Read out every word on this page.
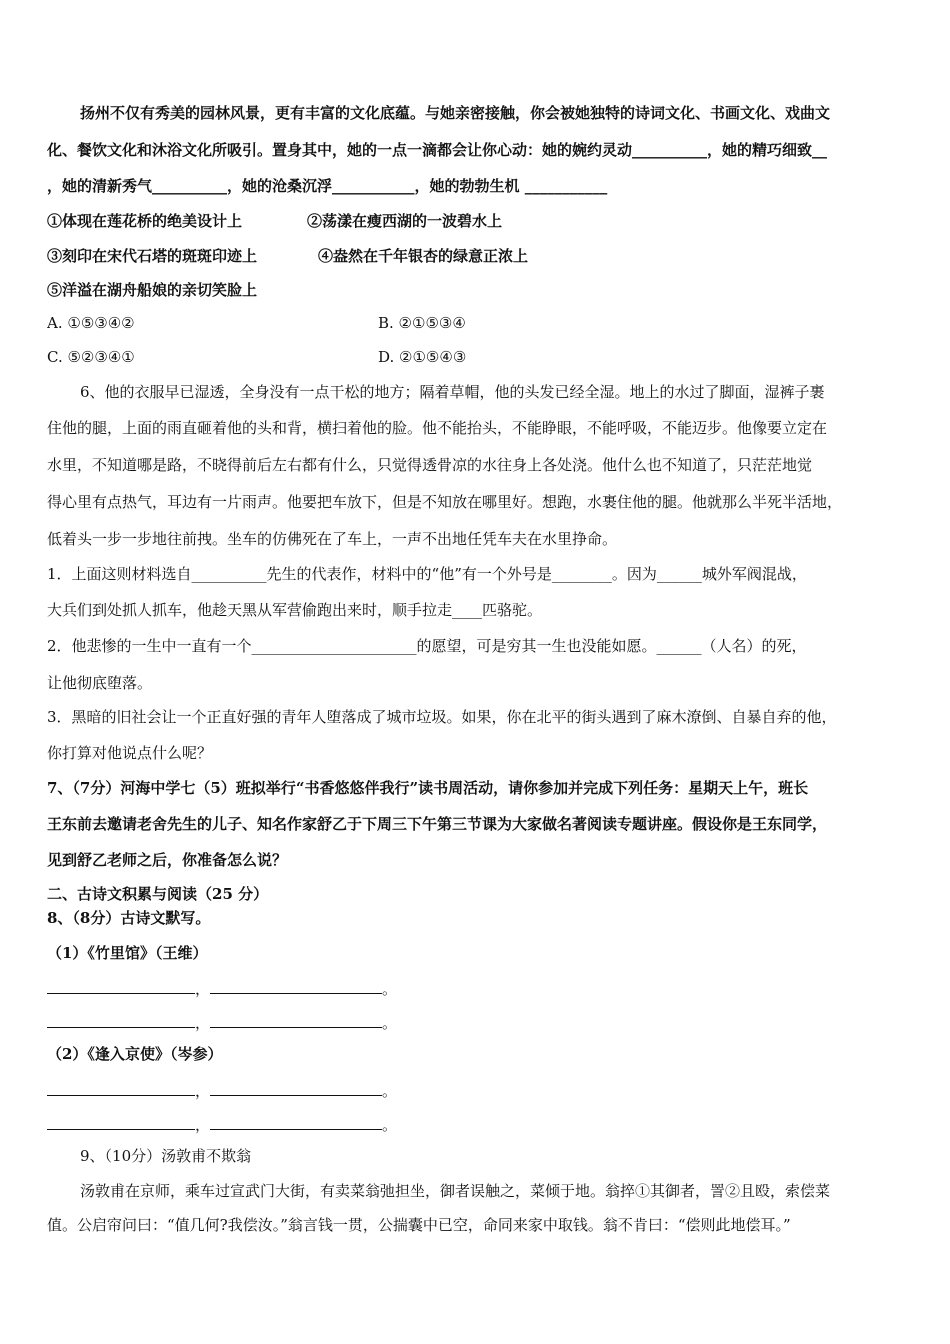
扬州不仅有秀美的园林风景，更有丰富的文化底蕴。与她亲密接触，你会被她独特的诗词文化、书画文化、戏曲文
化、餐饮文化和沐浴文化所吸引。置身其中，她的一点一滴都会让你心动：她的婉约灵动__________，她的精巧细致__
，她的清新秀气__________，她的沧桑沉浮___________，她的勃勃生机 ___________
①体现在莲花桥的绝美设计上	②荡漾在瘦西湖的一波碧水上
③刻印在宋代石塔的斑斑印迹上	④盎然在千年银杏的绿意正浓上
⑤洋溢在湖舟船娘的亲切笑脸上
A. ①⑤③④②	B. ②①⑤③④
C. ⑤②③④①	D. ②①⑤④③
6、他的衣服早已湿透，全身没有一点干松的地方；隔着草帽，他的头发已经全湿。地上的水过了脚面，湿裤子裹
住他的腿，上面的雨直砸着他的头和背，横扫着他的脸。他不能抬头，不能睁眼，不能呼吸，不能迈步。他像要立定在
水里，不知道哪是路，不晓得前后左右都有什么，只觉得透骨凉的水往身上各处浇。他什么也不知道了，只茫茫地觉
得心里有点热气，耳边有一片雨声。他要把车放下，但是不知放在哪里好。想跑，水裹住他的腿。他就那么半死半活地，
低着头一步一步地往前拽。坐车的仿佛死在了车上，一声不出地任凭车夫在水里挣命。
1．上面这则材料选自__________先生的代表作，材料中的“他”有一个外号是________。因为______城外军阀混战，
大兵们到处抓人抓车，他趁天黑从军营偷跑出来时，顺手拉走____匹骆驼。
2．他悲惨的一生中一直有一个______________________的愿望，可是穷其一生也没能如愿。______（人名）的死，
让他彻底堕落。
3．黑暗的旧社会让一个正直好强的青年人堕落成了城市垃圾。如果，你在北平的街头遇到了麻木潦倒、自暴自弃的他，
你打算对他说点什么呢？
7、（7分）河海中学七（5）班拟举行“书香悠悠伴我行”读书周活动，请你参加并完成下列任务：星期天上午，班长
王东前去邀请老舍先生的儿子、知名作家舒乙于下周三下午第三节课为大家做名著阅读专题讲座。假设你是王东同学，
见到舒乙老师之后，你准备怎么说？
二、古诗文积累与阅读（25 分）
8、（8分）古诗文默写。
（1）《竹里馆》（王维）
，	。
，	。
（2）《逢入京使》（岑参）
，	。
，	。
9、（10分）汤敦甫不欺翁
汤敦甫在京师，乘车过宣武门大街，有卖菜翁弛担坐，御者误触之，菜倾于地。翁捽①其御者，詈②且殴，索偿菜
值。公启帘问曰：“值几何?我偿汝。”翁言钱一贯，公揣囊中已空，命同来家中取钱。翁不肯曰：“偿则此地偿耳。”
